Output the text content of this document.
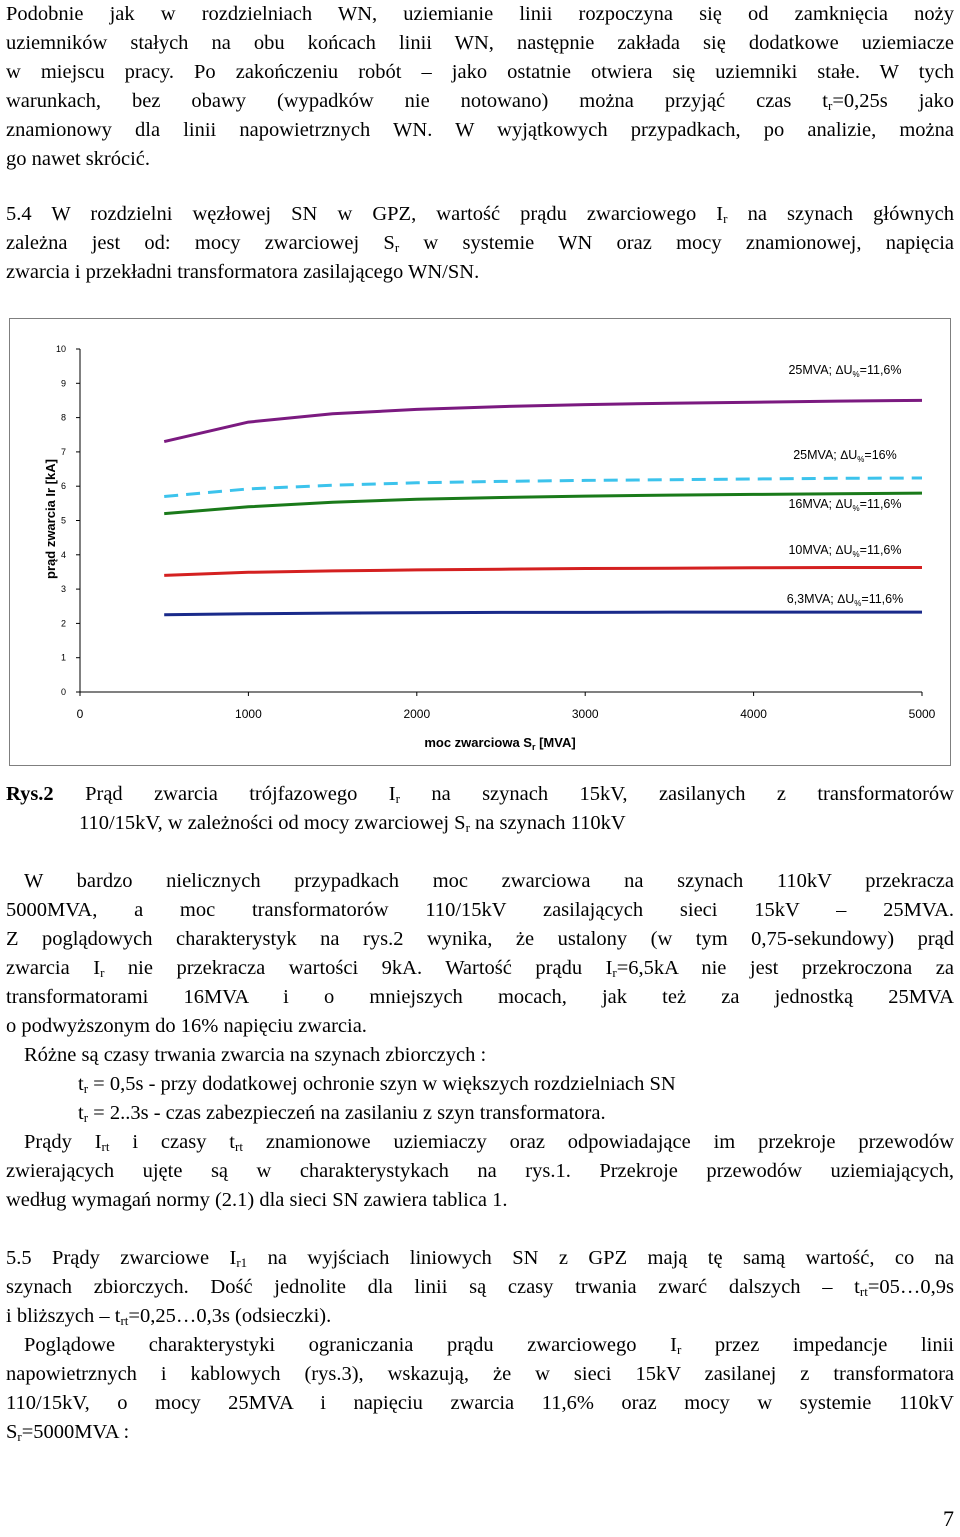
Podobnie jak w rozdzielniach WN, uziemianie linii rozpoczyna się od zamknięcia noży
uziemników stałych na obu końcach linii WN, następnie zakłada się dodatkowe uziemiacze
w miejscu pracy. Po zakończeniu robót – jako ostatnie otwiera się uziemniki stałe. W tych
warunkach, bez obawy (wypadków nie notowano) można przyjąć czas $t_r=0,25s$ jako
znamionowy dla linii napowietrznych WN. W wyjątkowych przypadkach, po analizie, można
go nawet skrócić.
5.4 W rozdzielni węzłowej SN w GPZ, wartość prądu zwarciowego $I_r$ na szynach głównych
zależna jest od: mocy zwarciowej $S_r$ w systemie WN oraz mocy znamionowej, napięcia
zwarcia i przekładni transformatora zasilającego WN/SN.
0
1
2
3
4
5
6
7
8
9
10
0	1000	2000	3000	4000	5000
25MVA; $\Delta U_{\%}=11,6\%$
25MVA; $\Delta U_{\%}=16\%$
16MVA; $\Delta U_{\%}=11,6\%$
10MVA; $\Delta U_{\%}=11,6\%$
6,3MVA; $\Delta U_{\%}=11,6\%$
prąd zwarcia Ir [kA]
moc zwarciowa $S_r$ [MVA]
Rys.2 Prąd zwarcia trójfazowego $I_r$ na szynach 15kV, zasilanych z transformatorów
110/15kV, w zależności od mocy zwarciowej $S_r$ na szynach 110kV
W bardzo nielicznych przypadkach moc zwarciowa na szynach 110kV przekracza
5000MVA, a moc transformatorów 110/15kV zasilających sieci 15kV – 25MVA.
Z poglądowych charakterystyk na rys.2 wynika, że ustalony (w tym 0,75-sekundowy) prąd
zwarcia $I_r$ nie przekracza wartości 9kA. Wartość prądu $I_r=6,5kA$ nie jest przekroczona za
transformatorami 16MVA i o mniejszych mocach, jak też za jednostką 25MVA
o podwyższonym do 16% napięciu zwarcia.
Różne są czasy trwania zwarcia na szynach zbiorczych :
$t_r = 0,5s$ - przy dodatkowej ochronie szyn w większych rozdzielniach SN
$t_r = 2..3s$ - czas zabezpieczeń na zasilaniu z szyn transformatora.
Prądy $I_{rt}$ i czasy $t_{rt}$ znamionowe uziemiaczy oraz odpowiadające im przekroje przewodów
zwierających ujęte są w charakterystykach na rys.1. Przekroje przewodów uziemiających,
według wymagań normy (2.1) dla sieci SN zawiera tablica 1.
5.5 Prądy zwarciowe $I_{r1}$ na wyjściach liniowych SN z GPZ mają tę samą wartość, co na
szynach zbiorczych. Dość jednolite dla linii są czasy trwania zwarć dalszych – $t_{rt}=05\dots 0,9s$
i bliższych – $t_{rt}=0,25\dots 0,3s$ (odsieczki).
Poglądowe charakterystyki ograniczania prądu zwarciowego $I_r$ przez impedancje linii
napowietrznych i kablowych (rys.3), wskazują, że w sieci 15kV zasilanej z transformatora
110/15kV, o mocy 25MVA i napięciu zwarcia 11,6% oraz mocy w systemie 110kV
$S_r=5000MVA$ :
7
